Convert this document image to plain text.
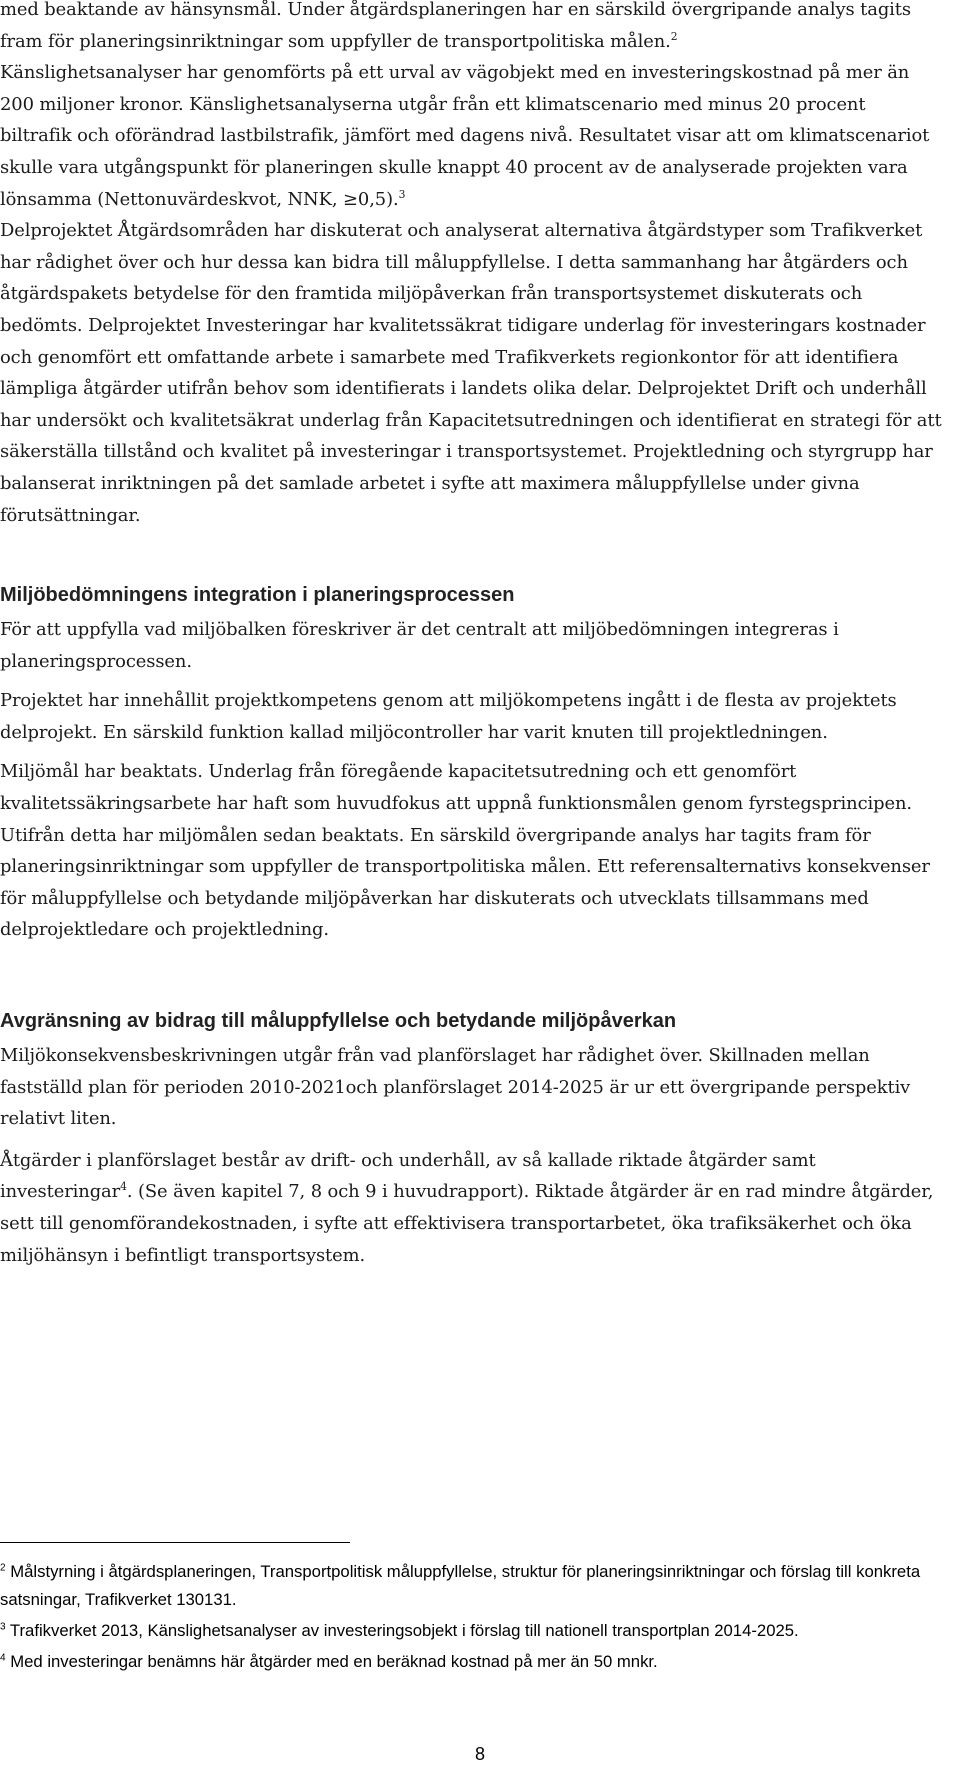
med beaktande av hänsynsmål. Under åtgärdsplaneringen har en särskild övergripande analys tagits fram för planeringsinriktningar som uppfyller de transportpolitiska målen.$^2$
Känslighetsanalyser har genomförts på ett urval av vägobjekt med en investeringskostnad på mer än 200 miljoner kronor. Känslighetsanalyserna utgår från ett klimatscenario med minus 20 procent biltrafik och oförändrad lastbilstrafik, jämfört med dagens nivå. Resultatet visar att om klimatscenariot skulle vara utgångspunkt för planeringen skulle knappt 40 procent av de analyserade projekten vara lönsamma (Nettonuvärdeskvot, NNK, ≥0,5).$^3$

Delprojektet Åtgärdsområden har diskuterat och analyserat alternativa åtgärdstyper som Trafikverket har rådighet över och hur dessa kan bidra till måluppfyllelse. I detta sammanhang har åtgärders och åtgärdspakets betydelse för den framtida miljöpåverkan från transportsystemet diskuterats och bedömts. Delprojektet Investeringar har kvalitetssäkrat tidigare underlag för investeringars kostnader och genomfört ett omfattande arbete i samarbete med Trafikverkets regionkontor för att identifiera lämpliga åtgärder utifrån behov som identifierats i landets olika delar. Delprojektet Drift och underhåll har undersökt och kvalitetsäkrat underlag från Kapacitetsutredningen och identifierat en strategi för att säkerställa tillstånd och kvalitet på investeringar i transportsystemet. Projektledning och styrgrupp har balanserat inriktningen på det samlade arbetet i syfte att maximera måluppfyllelse under givna förutsättningar.

Miljöbedömningens integration i planeringsprocessen

För att uppfylla vad miljöbalken föreskriver är det centralt att miljöbedömningen integreras i planeringsprocessen.

Projektet har innehållit projektkompetens genom att miljökompetens ingått i de flesta av projektets delprojekt. En särskild funktion kallad miljöcontroller har varit knuten till projektledningen.

Miljömål har beaktats. Underlag från föregående kapacitetsutredning och ett genomfört kvalitetssäkringsarbete har haft som huvudfokus att uppnå funktionsmålen genom fyrstegsprincipen. Utifrån detta har miljömålen sedan beaktats. En särskild övergripande analys har tagits fram för planeringsinriktningar som uppfyller de transportpolitiska målen. Ett referensalternativs konsekvenser för måluppfyllelse och betydande miljöpåverkan har diskuterats och utvecklats tillsammans med delprojektledare och projektledning.

Avgränsning av bidrag till måluppfyllelse och betydande miljöpåverkan

Miljökonsekvensbeskrivningen utgår från vad planförslaget har rådighet över. Skillnaden mellan fastställd plan för perioden 2010-2021och planförslaget 2014-2025 är ur ett övergripande perspektiv relativt liten.

Åtgärder i planförslaget består av drift- och underhåll, av så kallade riktade åtgärder samt investeringar$^4$. (Se även kapitel 7, 8 och 9 i huvudrapport). Riktade åtgärder är en rad mindre åtgärder, sett till genomförandekostnaden, i syfte att effektivisera transportarbetet, öka trafiksäkerhet och öka miljöhänsyn i befintligt transportsystem.

$^2$ Målstyrning i åtgärdsplaneringen, Transportpolitisk måluppfyllelse, struktur för planeringsinriktningar och förslag till konkreta satsningar, Trafikverket 130131.

$^3$ Trafikverket 2013, Känslighetsanalyser av investeringsobjekt i förslag till nationell transportplan 2014-2025.

$^4$ Med investeringar benämns här åtgärder med en beräknad kostnad på mer än 50 mnkr.

8
